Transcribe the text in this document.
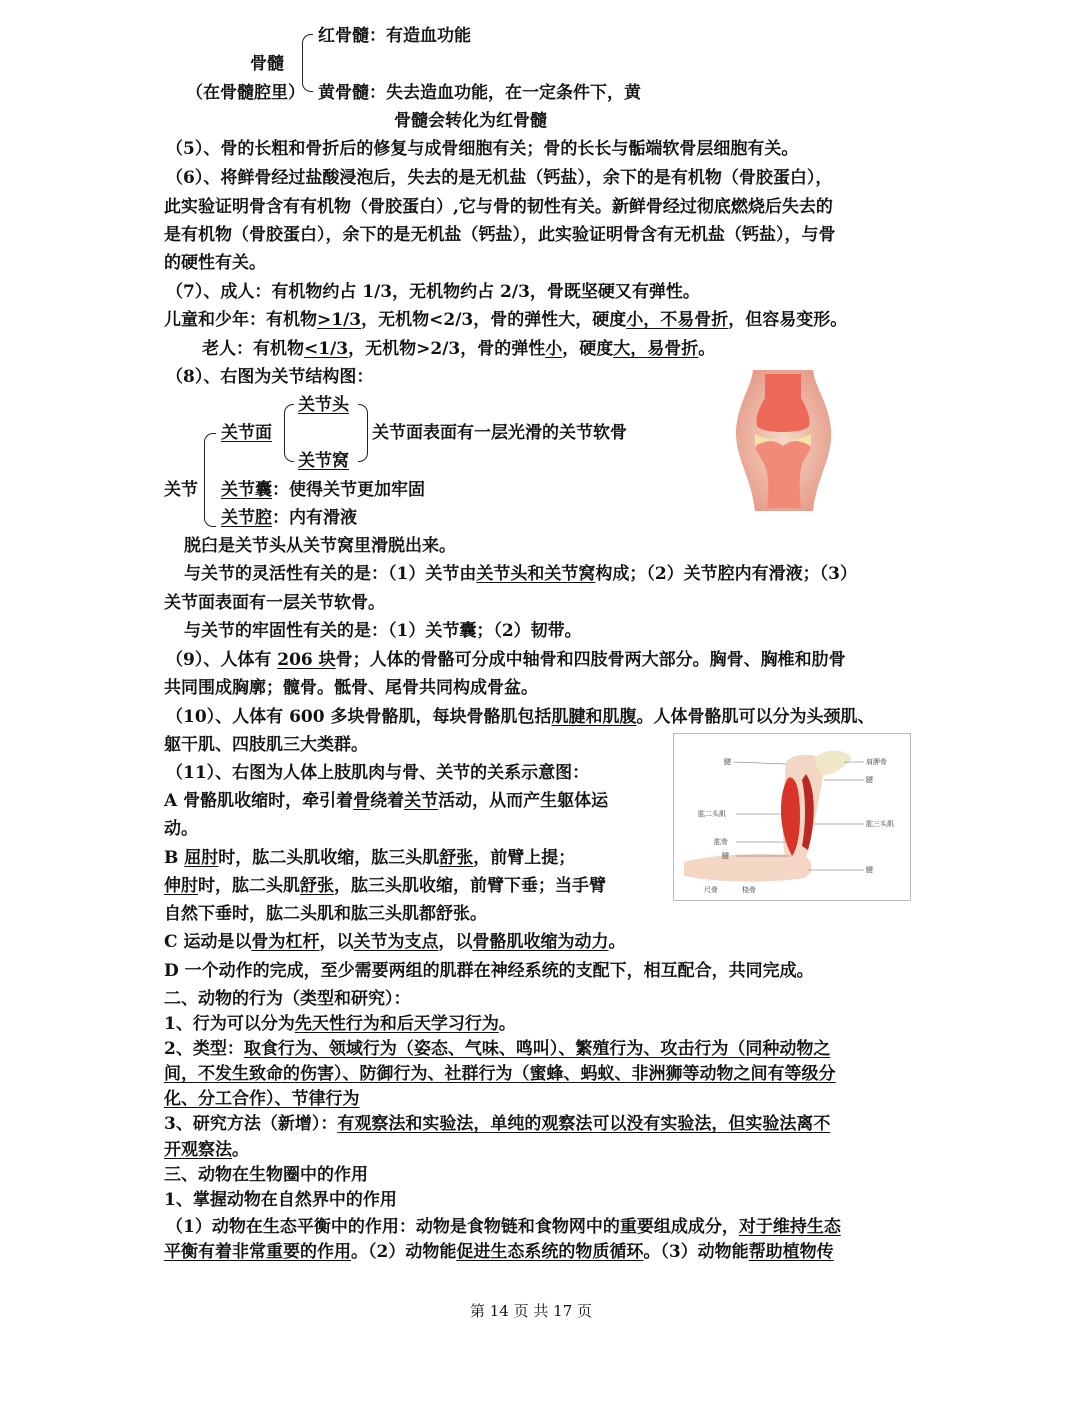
红骨髓：有造血功能
骨髓
（在骨髓腔里） 黄骨髓：失去造血功能，在一定条件下，黄
骨髓会转化为红骨髓
（5）、骨的长粗和骨折后的修复与成骨细胞有关；骨的长长与骺端软骨层细胞有关。
（6）、将鲜骨经过盐酸浸泡后，失去的是无机盐（钙盐），余下的是有机物（骨胶蛋白），
此实验证明骨含有有机物（骨胶蛋白）,它与骨的韧性有关。新鲜骨经过彻底燃烧后失去的
是有机物（骨胶蛋白），余下的是无机盐（钙盐），此实验证明骨含有无机盐（钙盐），与骨
的硬性有关。
（7）、成人：有机物约占 1/3，无机物约占 2/3，骨既坚硬又有弹性。
儿童和少年：有机物>1/3，无机物<2/3，骨的弹性大，硬度小，不易骨折，但容易变形。
老人：有机物<1/3，无机物>2/3，骨的弹性小，硬度大，易骨折。
（8）、右图为关节结构图：
关节头
关节面	关节面表面有一层光滑的关节软骨
关节窝
关节 关节囊：使得关节更加牢固
关节腔：内有滑液
脱臼是关节头从关节窝里滑脱出来。
与关节的灵活性有关的是：（1）关节由关节头和关节窝构成；（2）关节腔内有滑液；（3）
关节面表面有一层关节软骨。
与关节的牢固性有关的是：（1）关节囊；（2）韧带。
（9）、人体有 206 块骨；人体的骨骼可分成中轴骨和四肢骨两大部分。胸骨、胸椎和肋骨
共同围成胸廓；髋骨。骶骨、尾骨共同构成骨盆。
（10）、人体有 600 多块骨骼肌，每块骨骼肌包括肌腱和肌腹。人体骨骼肌可以分为头颈肌、
躯干肌、四肢肌三大类群。
腱	肩胛骨
腱
肱二头肌
肱三头肌
肱骨
腱
腱
尺骨	桡骨
（11）、右图为人体上肢肌肉与骨、关节的关系示意图：
A 骨骼肌收缩时，牵引着骨绕着关节活动，从而产生躯体运
动。
B 屈肘时，肱二头肌收缩，肱三头肌舒张，前臂上提；
伸肘时，肱二头肌舒张，肱三头肌收缩，前臂下垂；当手臂
自然下垂时，肱二头肌和肱三头肌都舒张。
C 运动是以骨为杠杆，以关节为支点，以骨骼肌收缩为动力。
D 一个动作的完成，至少需要两组的肌群在神经系统的支配下，相互配合，共同完成。
二、动物的行为（类型和研究）：
1、行为可以分为先天性行为和后天学习行为。
2、类型：取食行为、领域行为（姿态、气味、鸣叫）、繁殖行为、攻击行为（同种动物之
间，不发生致命的伤害）、防御行为、社群行为（蜜蜂、蚂蚁、非洲狮等动物之间有等级分
化、分工合作）、节律行为
3、研究方法（新增）：有观察法和实验法，单纯的观察法可以没有实验法，但实验法离不
开观察法。
三、动物在生物圈中的作用
1、掌握动物在自然界中的作用
（1）动物在生态平衡中的作用：动物是食物链和食物网中的重要组成成分，对于维持生态
平衡有着非常重要的作用。（2）动物能促进生态系统的物质循环。（3）动物能帮助植物传
第 14 页 共 17 页
